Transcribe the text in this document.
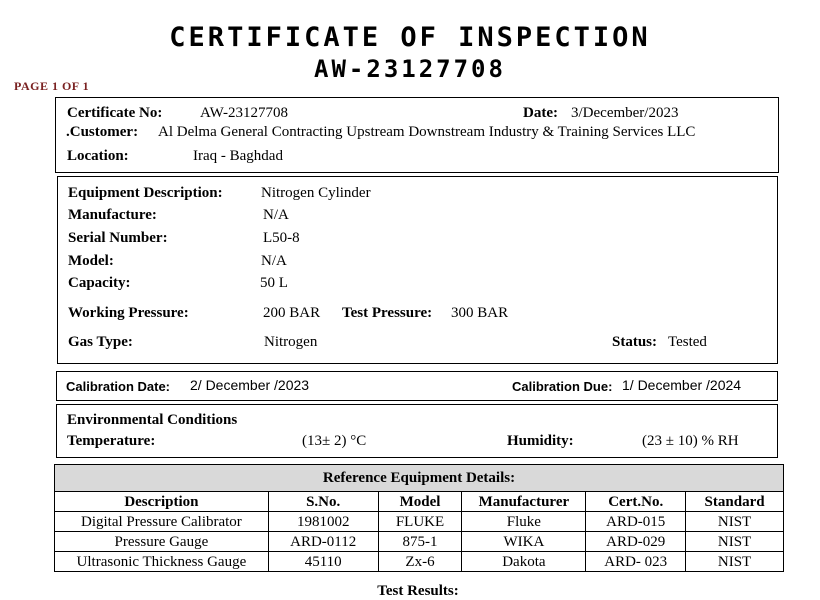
CERTIFICATE OF INSPECTION
AW-23127708
PAGE 1 OF 1
Certificate No:	AW-23127708	Date: 3/December/2023
.Customer: Al Delma General Contracting Upstream Downstream Industry & Training Services LLC
Location:	Iraq - Baghdad
Equipment Description:	Nitrogen Cylinder
Manufacture:	N/A
Serial Number:	L50-8
Model:	N/A
Capacity:	50 L
Working Pressure:	200 BAR Test Pressure: 300 BAR
Gas Type:	Nitrogen	Status: Tested
Calibration Date: 2/ December /2023	Calibration Due: 1/ December /2024
Environmental Conditions
Temperature:	(13± 2) °C	Humidity:	(23 ± 10) % RH
Reference Equipment Details:					
Description	S.No.	Model	Manufacturer	Cert.No.	Standard
Digital Pressure Calibrator	1981002	FLUKE	Fluke	ARD-015	NIST
Pressure Gauge	ARD-0112	875-1	WIKA	ARD-029	NIST
Ultrasonic Thickness Gauge	45110	Zx-6	Dakota	ARD- 023	NIST
Test Results:
